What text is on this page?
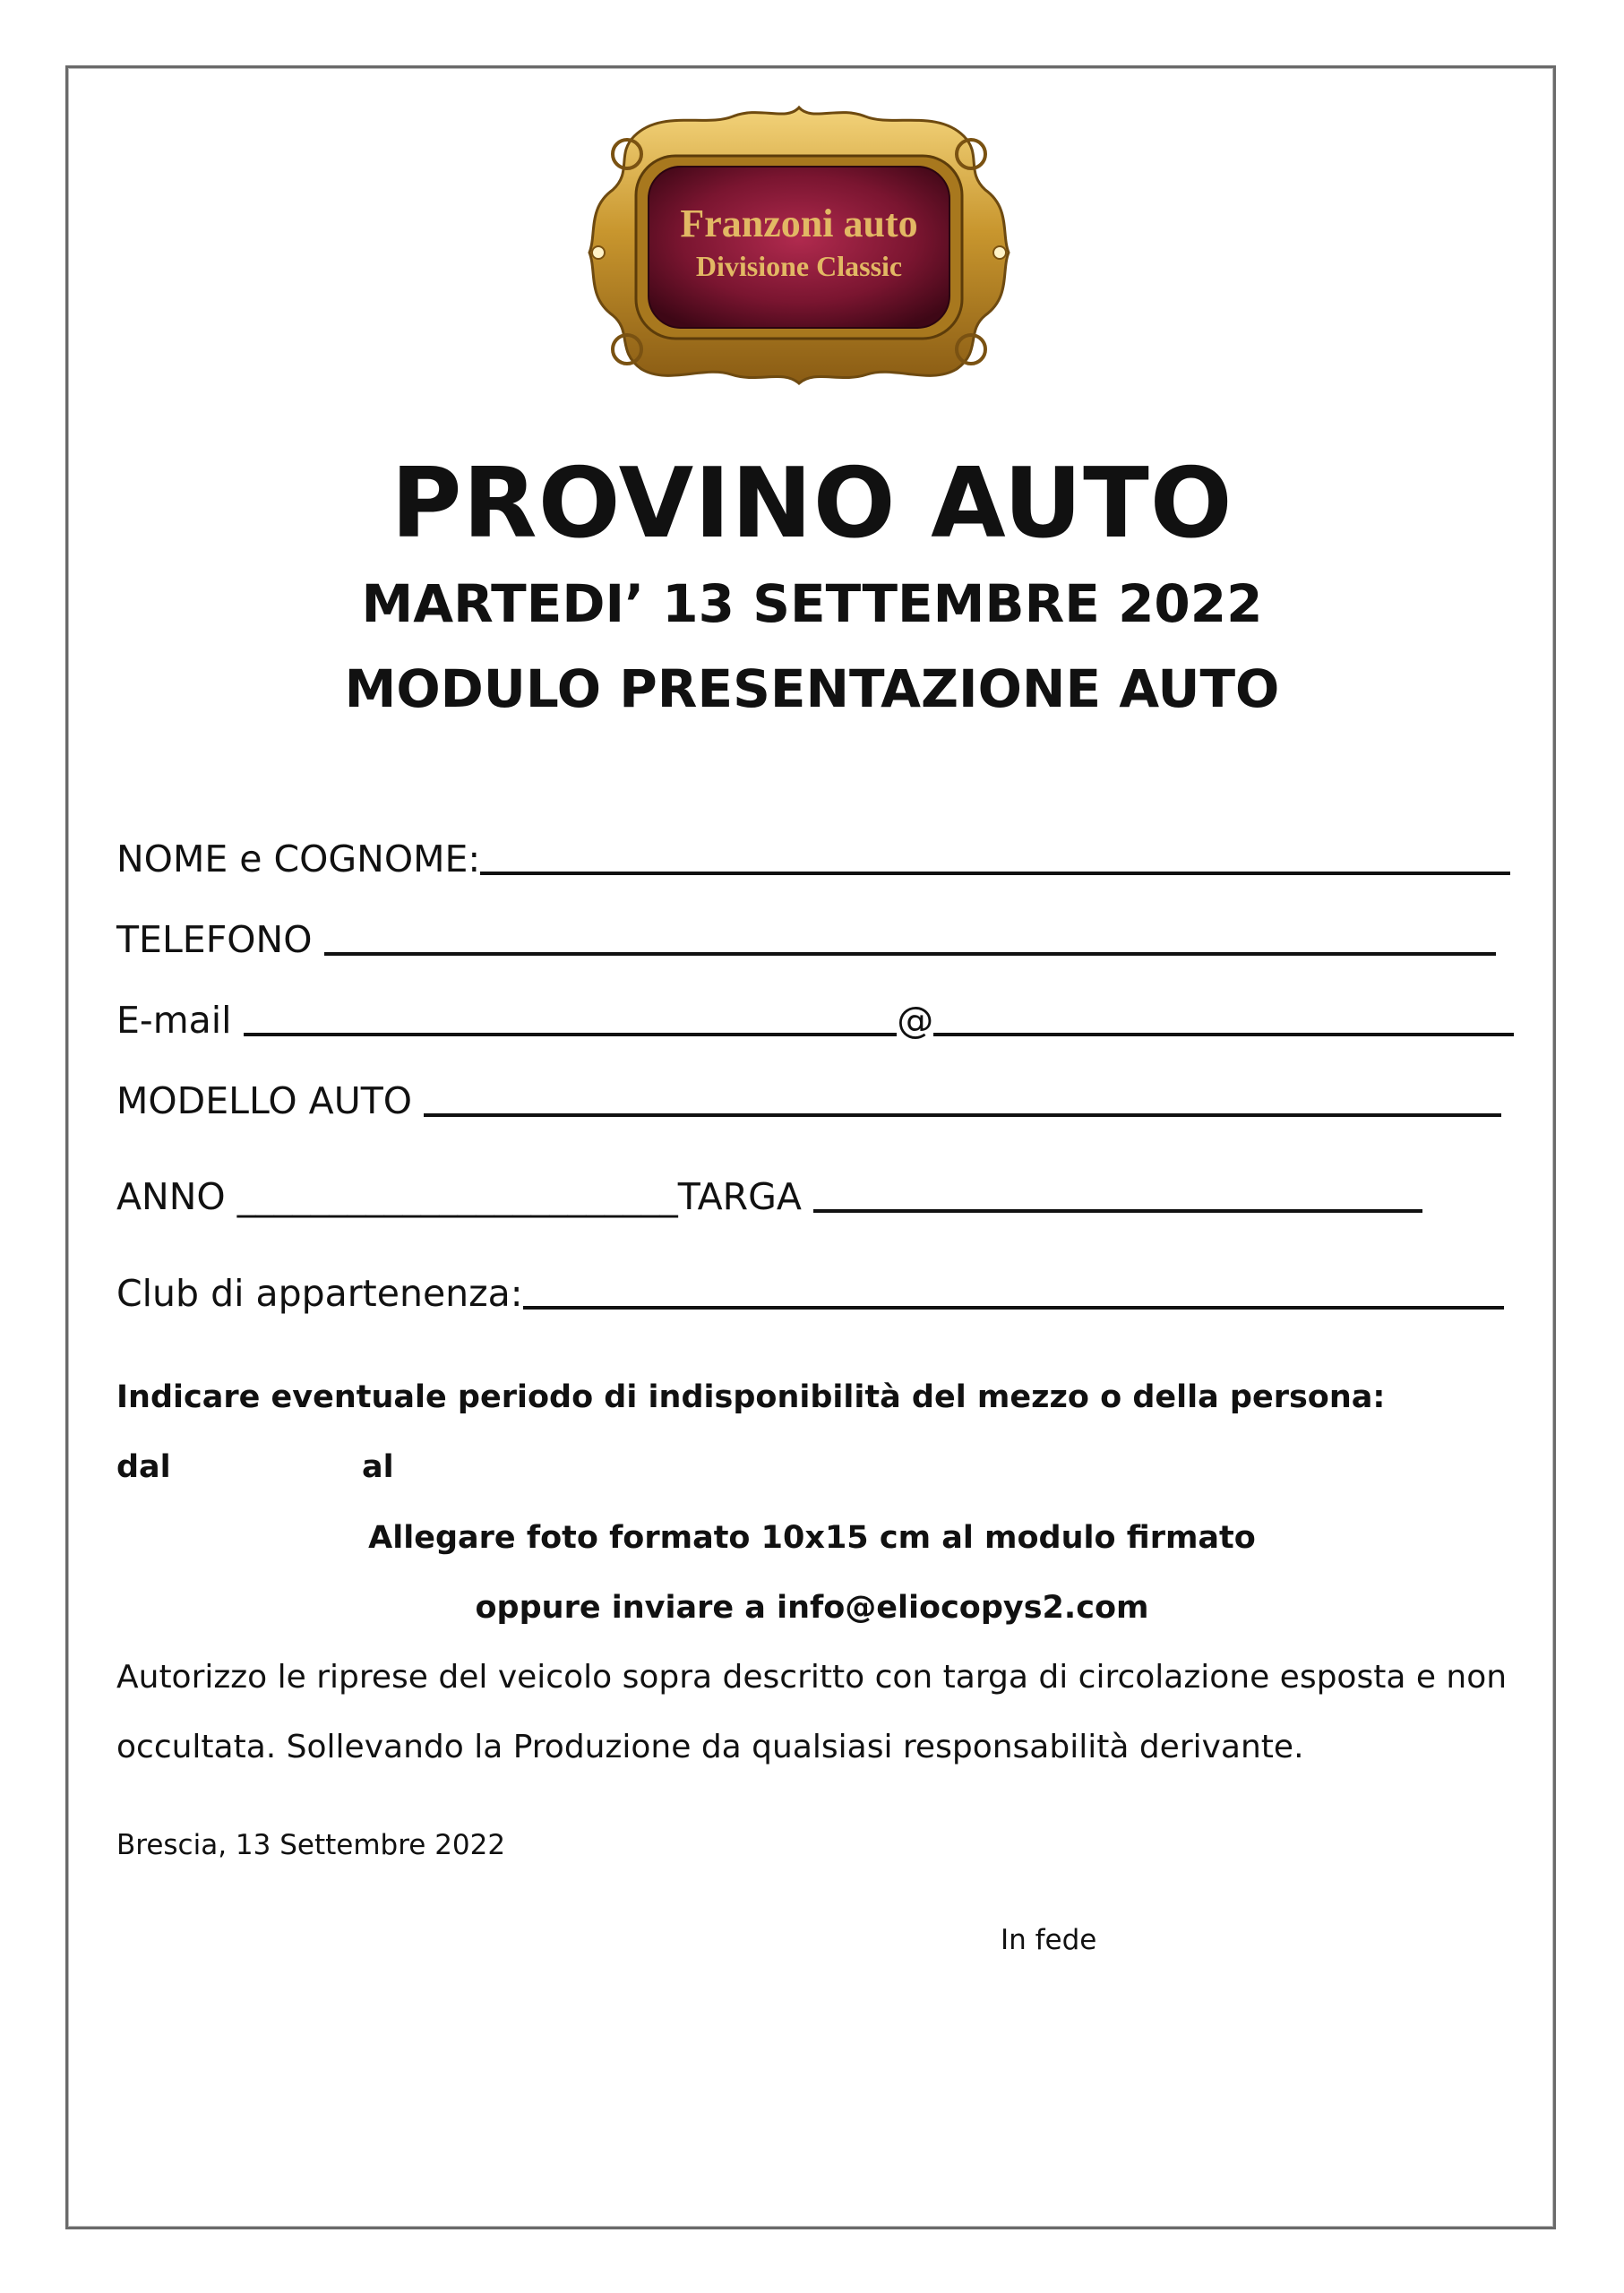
Franzoni auto
Divisione Classic
PROVINO AUTO
MARTEDI’ 13 SETTEMBRE 2022
MODULO PRESENTAZIONE AUTO
NOME e COGNOME:
TELEFONO

E-mail
	@
MODELLO AUTO

ANNO
________________________ TARGA

Club di appartenenza:
Indicare eventuale periodo di indisponibilità del mezzo o della persona:
dal	al
Allegare foto formato 10x15 cm al modulo firmato
oppure inviare a info@eliocopys2.com
Autorizzo le riprese del veicolo sopra descritto con targa di circolazione esposta e non
occultata. Sollevando la Produzione da qualsiasi responsabilità derivante.
Brescia, 13 Settembre 2022
In fede
